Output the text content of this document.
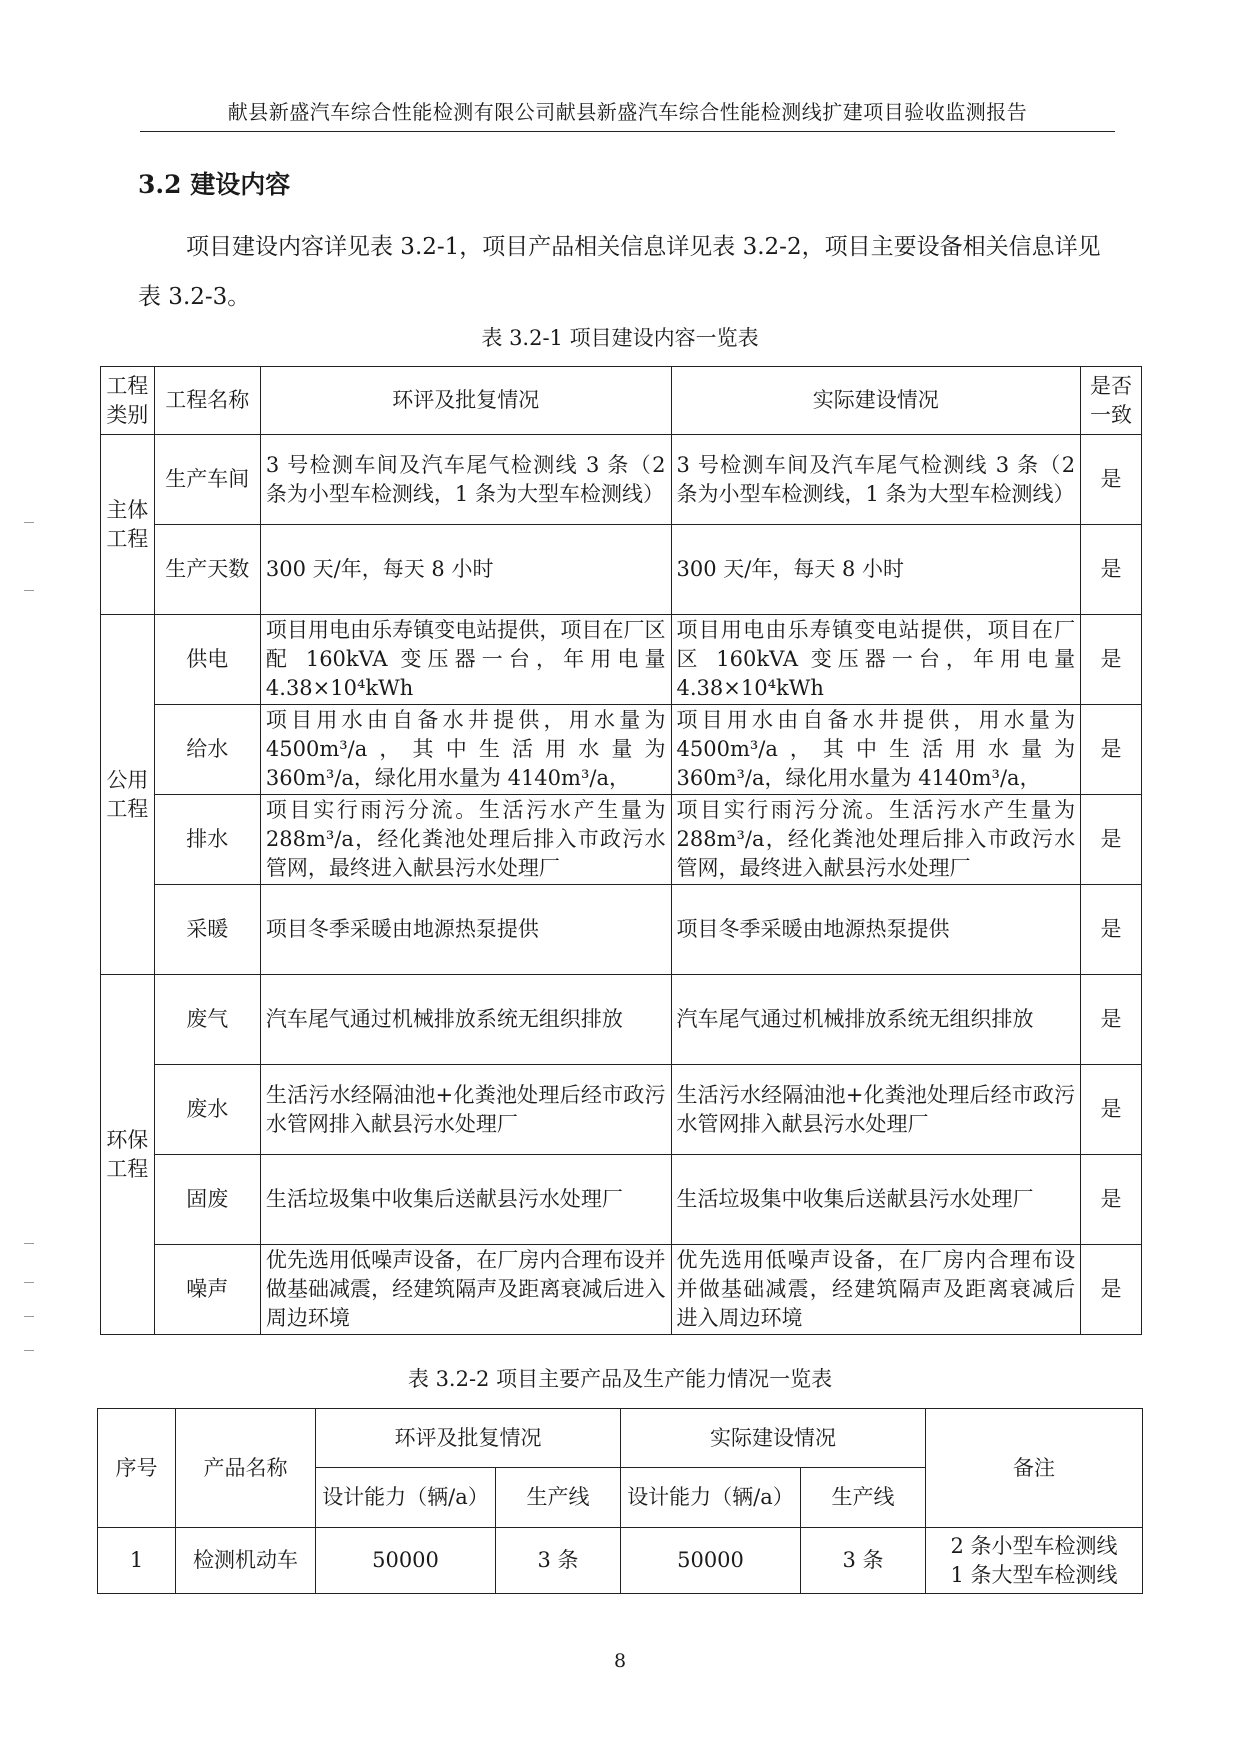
献县新盛汽车综合性能检测有限公司献县新盛汽车综合性能检测线扩建项目验收监测报告
3.2 建设内容
项目建设内容详见表 3.2-1，项目产品相关信息详见表 3.2-2，项目主要设备相关信息详见表 3.2-3。
表 3.2-1 项目建设内容一览表
工程类别	工程名称	环评及批复情况	实际建设情况	是否一致
主体工程	生产车间	3 号检测车间及汽车尾气检测线 3 条（2 条为小型车检测线，1 条为大型车检测线）	3 号检测车间及汽车尾气检测线 3 条（2 条为小型车检测线，1 条为大型车检测线）	是
	生产天数	300 天/年，每天 8 小时	300 天/年，每天 8 小时	是
公用工程	供电	项目用电由乐寿镇变电站提供，项目在厂区配 160kVA 变压器一台，年用电量 4.38×10⁴kWh	项目用电由乐寿镇变电站提供，项目在厂区 160kVA 变压器一台，年用电量 4.38×10⁴kWh	是
	给水	项目用水由自备水井提供，用水量为 4500m³/a，其中生活用水量为 360m³/a，绿化用水量为 4140m³/a，	项目用水由自备水井提供，用水量为 4500m³/a，其中生活用水量为 360m³/a，绿化用水量为 4140m³/a，	是
	排水	项目实行雨污分流。生活污水产生量为 288m³/a，经化粪池处理后排入市政污水管网，最终进入献县污水处理厂	项目实行雨污分流。生活污水产生量为 288m³/a，经化粪池处理后排入市政污水管网，最终进入献县污水处理厂	是
	采暖	项目冬季采暖由地源热泵提供	项目冬季采暖由地源热泵提供	是
环保工程	废气	汽车尾气通过机械排放系统无组织排放	汽车尾气通过机械排放系统无组织排放	是
	废水	生活污水经隔油池+化粪池处理后经市政污水管网排入献县污水处理厂	生活污水经隔油池+化粪池处理后经市政污水管网排入献县污水处理厂	是
	固废	生活垃圾集中收集后送献县污水处理厂	生活垃圾集中收集后送献县污水处理厂	是
	噪声	优先选用低噪声设备，在厂房内合理布设并做基础减震，经建筑隔声及距离衰减后进入周边环境	优先选用低噪声设备，在厂房内合理布设并做基础减震，经建筑隔声及距离衰减后进入周边环境	是
表 3.2-2 项目主要产品及生产能力情况一览表
序号	产品名称	环评及批复情况		实际建设情况		备注
		设计能力（辆/a）	生产线	设计能力（辆/a）	生产线	
1	检测机动车	50000	3 条	50000	3 条	2 条小型车检测线
1 条大型车检测线
8
